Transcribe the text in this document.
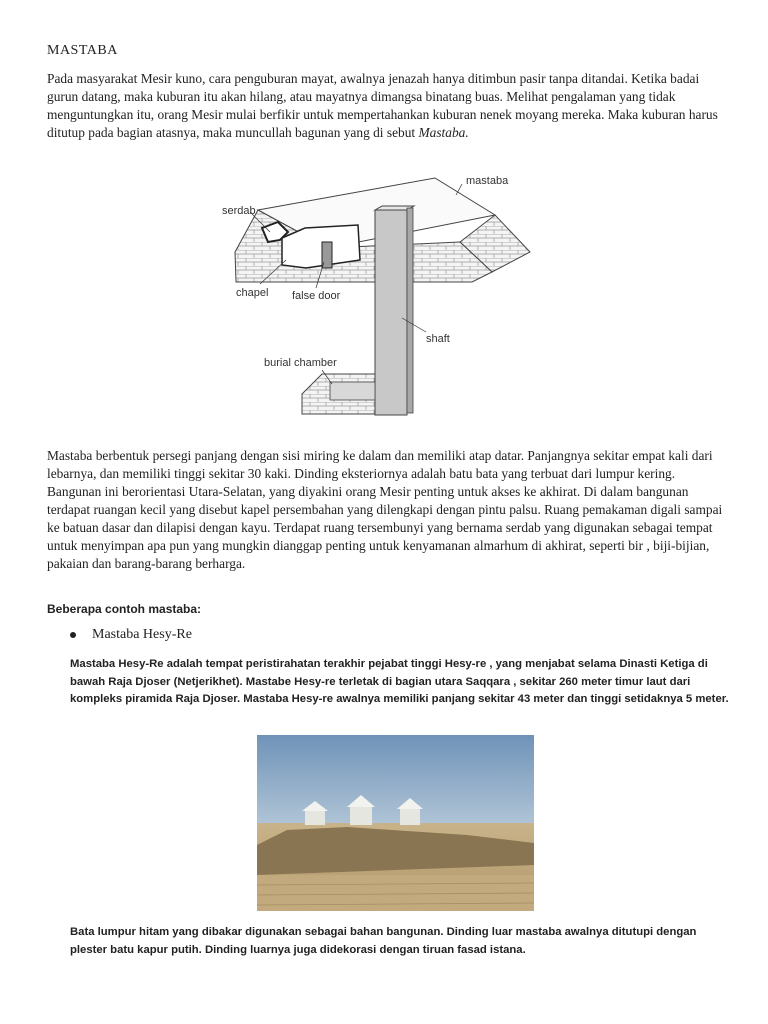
MASTABA
Pada masyarakat Mesir kuno, cara penguburan mayat, awalnya jenazah hanya ditimbun pasir tanpa ditandai. Ketika badai gurun datang, maka kuburan itu akan hilang, atau mayatnya dimangsa binatang buas. Melihat pengalaman yang tidak menguntungkan itu, orang Mesir mulai berfikir untuk mempertahankan kuburan nenek moyang mereka. Maka kuburan harus ditutup pada bagian atasnya, maka muncullah bagunan yang di sebut Mastaba.
mastaba
serdab
chapel false door
shaft
burial chamber
Mastaba berbentuk persegi panjang dengan sisi miring ke dalam dan memiliki atap datar. Panjangnya sekitar empat kali dari lebarnya, dan memiliki tinggi sekitar 30 kaki. Dinding eksteriornya adalah batu bata yang terbuat dari lumpur kering. Bangunan ini berorientasi Utara-Selatan, yang diyakini orang Mesir penting untuk akses ke akhirat. Di dalam bangunan terdapat ruangan kecil yang disebut kapel persembahan yang dilengkapi dengan pintu palsu. Ruang pemakaman digali sampai ke batuan dasar dan dilapisi dengan kayu. Terdapat ruang tersembunyi yang bernama serdab yang digunakan sebagai tempat untuk menyimpan apa pun yang mungkin dianggap penting untuk kenyamanan almarhum di akhirat, seperti bir , biji-bijian, pakaian dan barang-barang berharga.
Beberapa contoh mastaba:
Mastaba Hesy-Re
Mastaba Hesy-Re adalah tempat peristirahatan terakhir pejabat tinggi Hesy-re , yang menjabat selama Dinasti Ketiga di bawah Raja Djoser (Netjerikhet). Mastabe Hesy-re terletak di bagian utara Saqqara , sekitar 260 meter timur laut dari kompleks piramida Raja Djoser. Mastaba Hesy-re awalnya memiliki panjang sekitar 43 meter dan tinggi setidaknya 5 meter.
Bata lumpur hitam yang dibakar digunakan sebagai bahan bangunan. Dinding luar mastaba awalnya ditutupi dengan plester batu kapur putih. Dinding luarnya juga didekorasi dengan tiruan fasad istana.
